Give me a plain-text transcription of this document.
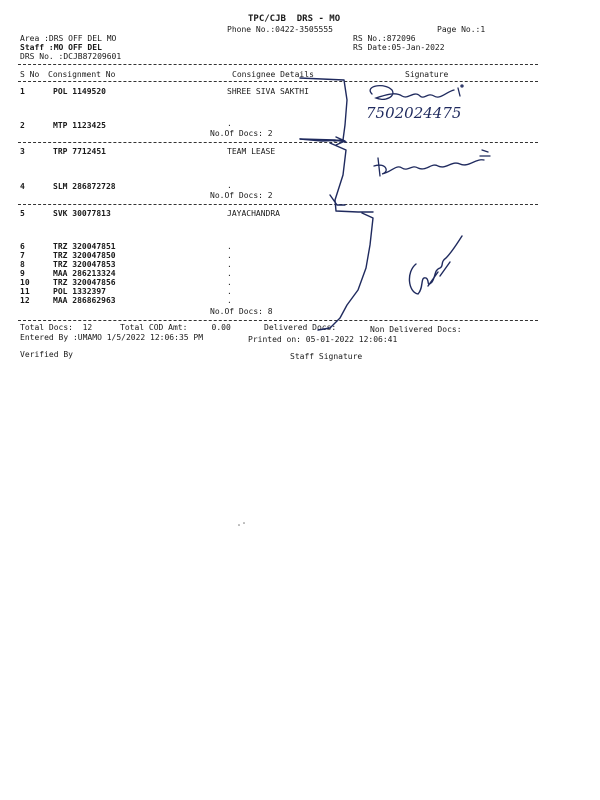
TPC/CJB  DRS - MO
Phone No.:0422-3505555	Page No.:1
Area :DRS OFF DEL MO	RS No.:872096
Staff :MO OFF DEL	RS Date:05-Jan-2022
DRS No. :DCJB87209601
S No Consignment No	Consignee Details	Signature
1	POL 1149520	SHREE SIVA SAKTHI
2	MTP 1123425	.
No.Of Docs: 2
3	TRP 7712451	TEAM LEASE
4	SLM 286872728	.
No.Of Docs: 2
5	SVK 30077813	JAYACHANDRA
6	TRZ 320047851	.
7	TRZ 320047850	.
8	TRZ 320047853	.
9	MAA 286213324	.
10	TRZ 320047856	.
11	POL 1332397	.
12	MAA 286862963	.
No.Of Docs: 8
Total Docs:  12	Total COD Amt:     0.00	Delivered Docs:	Non Delivered Docs:
Entered By :UMAMO 1/5/2022 12:06:35 PM	Printed on: 05-01-2022 12:06:41
Verified By	Staff Signature
7502024475
